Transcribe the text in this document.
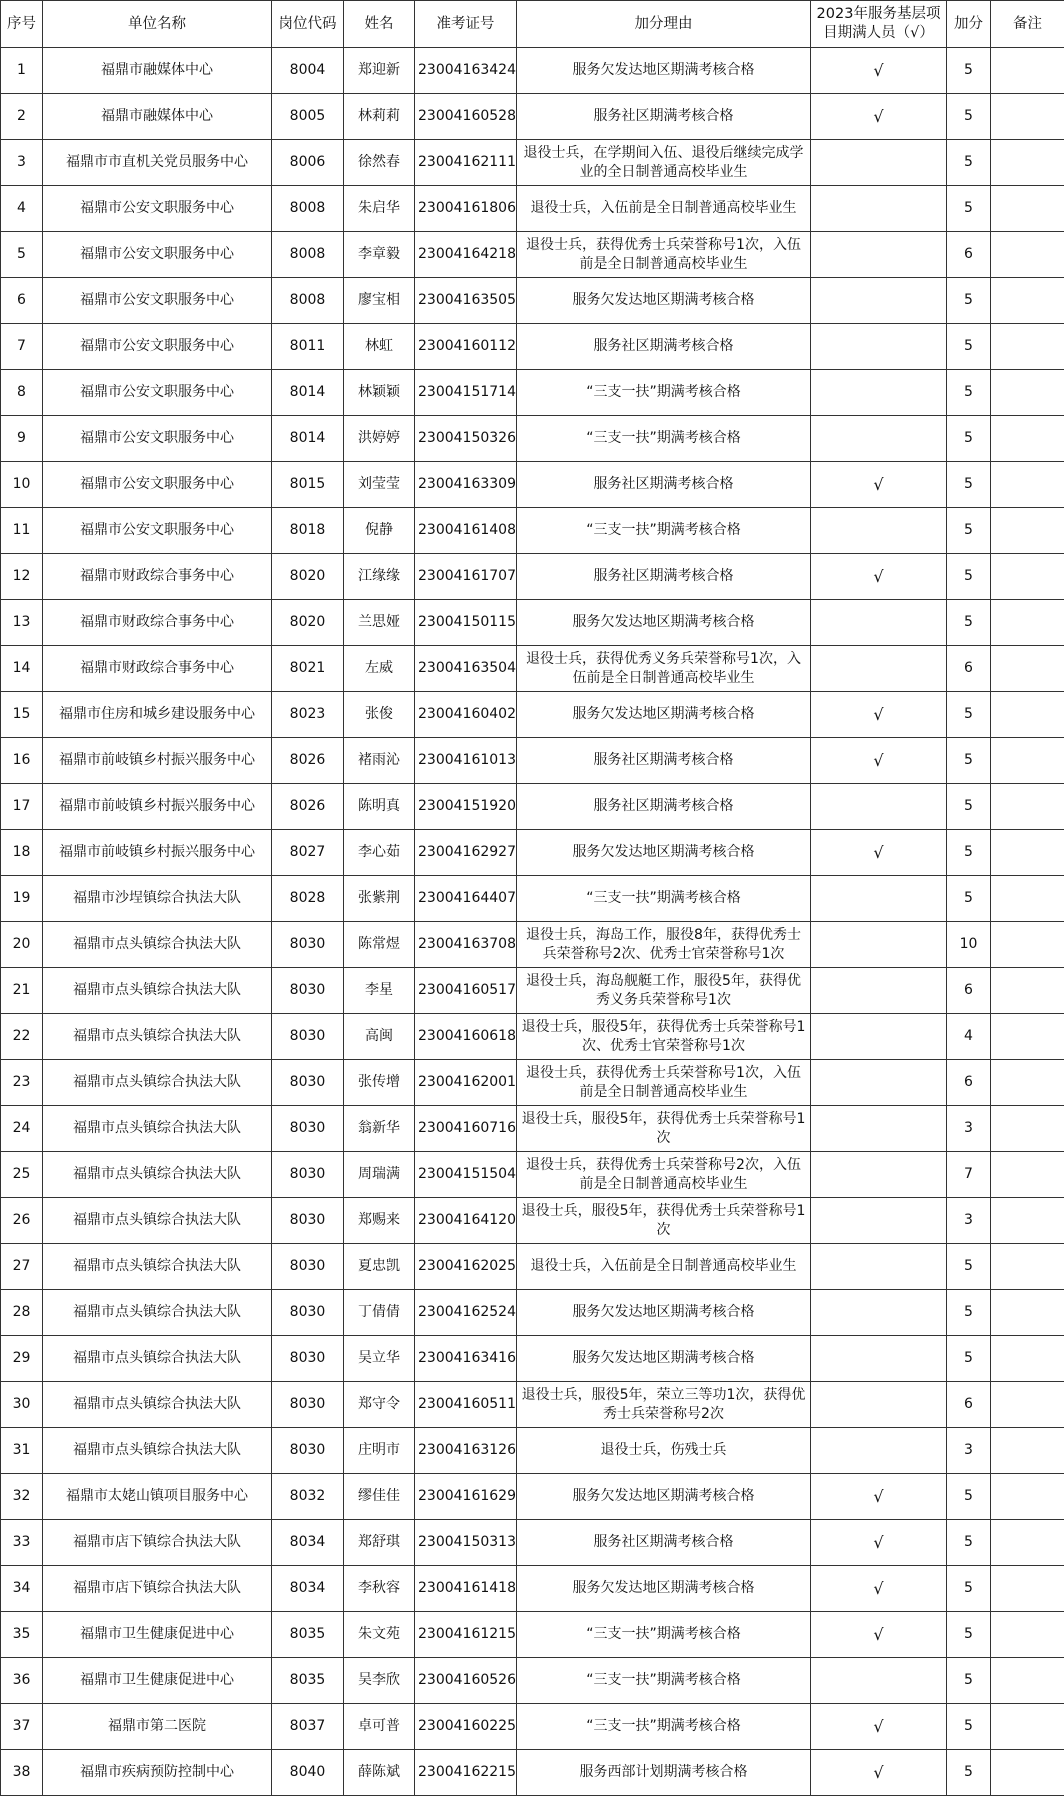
序号	单位名称	岗位代码	姓名	准考证号	加分理由	2023年服务基层项目期满人员（√）	加分	备注
1	福鼎市融媒体中心	8004	郑迎新	23004163424	服务欠发达地区期满考核合格	√	5	
2	福鼎市融媒体中心	8005	林莉莉	23004160528	服务社区期满考核合格	√	5	
3	福鼎市市直机关党员服务中心	8006	徐然春	23004162111	退役士兵，在学期间入伍、退役后继续完成学业的全日制普通高校毕业生		5	
4	福鼎市公安文职服务中心	8008	朱启华	23004161806	退役士兵，入伍前是全日制普通高校毕业生		5	
5	福鼎市公安文职服务中心	8008	李章毅	23004164218	退役士兵，获得优秀士兵荣誉称号1次，入伍前是全日制普通高校毕业生		6	
6	福鼎市公安文职服务中心	8008	廖宝相	23004163505	服务欠发达地区期满考核合格		5	
7	福鼎市公安文职服务中心	8011	林虹	23004160112	服务社区期满考核合格		5	
8	福鼎市公安文职服务中心	8014	林颖颖	23004151714	“三支一扶”期满考核合格		5	
9	福鼎市公安文职服务中心	8014	洪婷婷	23004150326	“三支一扶”期满考核合格		5	
10	福鼎市公安文职服务中心	8015	刘莹莹	23004163309	服务社区期满考核合格	√	5	
11	福鼎市公安文职服务中心	8018	倪静	23004161408	“三支一扶”期满考核合格		5	
12	福鼎市财政综合事务中心	8020	江缘缘	23004161707	服务社区期满考核合格	√	5	
13	福鼎市财政综合事务中心	8020	兰思娅	23004150115	服务欠发达地区期满考核合格		5	
14	福鼎市财政综合事务中心	8021	左威	23004163504	退役士兵，获得优秀义务兵荣誉称号1次，入伍前是全日制普通高校毕业生		6	
15	福鼎市住房和城乡建设服务中心	8023	张俊	23004160402	服务欠发达地区期满考核合格	√	5	
16	福鼎市前岐镇乡村振兴服务中心	8026	褚雨沁	23004161013	服务社区期满考核合格	√	5	
17	福鼎市前岐镇乡村振兴服务中心	8026	陈明真	23004151920	服务社区期满考核合格		5	
18	福鼎市前岐镇乡村振兴服务中心	8027	李心茹	23004162927	服务欠发达地区期满考核合格	√	5	
19	福鼎市沙埕镇综合执法大队	8028	张紫荆	23004164407	“三支一扶”期满考核合格		5	
20	福鼎市点头镇综合执法大队	8030	陈常煜	23004163708	退役士兵，海岛工作，服役8年，获得优秀士兵荣誉称号2次、优秀士官荣誉称号1次		10	
21	福鼎市点头镇综合执法大队	8030	李星	23004160517	退役士兵，海岛舰艇工作，服役5年，获得优秀义务兵荣誉称号1次		6	
22	福鼎市点头镇综合执法大队	8030	高闽	23004160618	退役士兵，服役5年，获得优秀士兵荣誉称号1次、优秀士官荣誉称号1次		4	
23	福鼎市点头镇综合执法大队	8030	张传增	23004162001	退役士兵，获得优秀士兵荣誉称号1次，入伍前是全日制普通高校毕业生		6	
24	福鼎市点头镇综合执法大队	8030	翁新华	23004160716	退役士兵，服役5年，获得优秀士兵荣誉称号1次		3	
25	福鼎市点头镇综合执法大队	8030	周瑞满	23004151504	退役士兵，获得优秀士兵荣誉称号2次，入伍前是全日制普通高校毕业生		7	
26	福鼎市点头镇综合执法大队	8030	郑赐来	23004164120	退役士兵，服役5年，获得优秀士兵荣誉称号1次		3	
27	福鼎市点头镇综合执法大队	8030	夏忠凯	23004162025	退役士兵，入伍前是全日制普通高校毕业生		5	
28	福鼎市点头镇综合执法大队	8030	丁倩倩	23004162524	服务欠发达地区期满考核合格		5	
29	福鼎市点头镇综合执法大队	8030	吴立华	23004163416	服务欠发达地区期满考核合格		5	
30	福鼎市点头镇综合执法大队	8030	郑守令	23004160511	退役士兵，服役5年，荣立三等功1次，获得优秀士兵荣誉称号2次		6	
31	福鼎市点头镇综合执法大队	8030	庄明市	23004163126	退役士兵，伤残士兵		3	
32	福鼎市太姥山镇项目服务中心	8032	缪佳佳	23004161629	服务欠发达地区期满考核合格	√	5	
33	福鼎市店下镇综合执法大队	8034	郑舒琪	23004150313	服务社区期满考核合格	√	5	
34	福鼎市店下镇综合执法大队	8034	李秋容	23004161418	服务欠发达地区期满考核合格	√	5	
35	福鼎市卫生健康促进中心	8035	朱文苑	23004161215	“三支一扶”期满考核合格	√	5	
36	福鼎市卫生健康促进中心	8035	吴李欣	23004160526	“三支一扶”期满考核合格		5	
37	福鼎市第二医院	8037	卓可普	23004160225	“三支一扶”期满考核合格	√	5	
38	福鼎市疾病预防控制中心	8040	薛陈斌	23004162215	服务西部计划期满考核合格	√	5	
